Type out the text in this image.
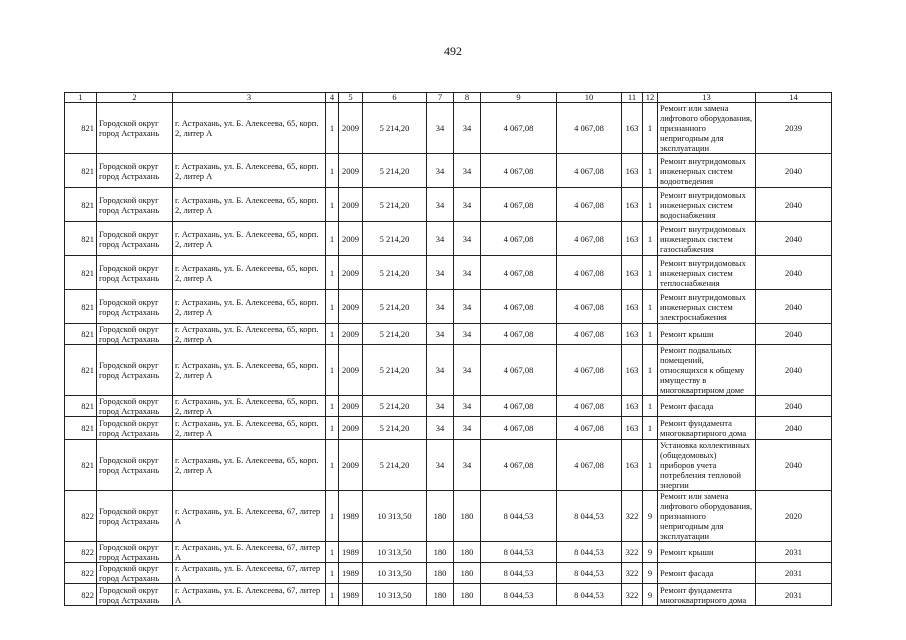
492
1	2	3	4	5	6	7	8	9	10	11	12	13	14
821	Городской округ город Астрахань	г. Астрахань, ул. Б. Алексеева, 65, корп. 2, литер А	1	2009	5 214,20	34	34	4 067,08	4 067,08	163	1	Ремонт или замена лифтового оборудования, признанного непригодным для эксплуатации	2039
821	Городской округ город Астрахань	г. Астрахань, ул. Б. Алексеева, 65, корп. 2, литер А	1	2009	5 214,20	34	34	4 067,08	4 067,08	163	1	Ремонт внутридомовых инженерных систем водоотведения	2040
821	Городской округ город Астрахань	г. Астрахань, ул. Б. Алексеева, 65, корп. 2, литер А	1	2009	5 214,20	34	34	4 067,08	4 067,08	163	1	Ремонт внутридомовых инженерных систем водоснабжения	2040
821	Городской округ город Астрахань	г. Астрахань, ул. Б. Алексеева, 65, корп. 2, литер А	1	2009	5 214,20	34	34	4 067,08	4 067,08	163	1	Ремонт внутридомовых инженерных систем газоснабжения	2040
821	Городской округ город Астрахань	г. Астрахань, ул. Б. Алексеева, 65, корп. 2, литер А	1	2009	5 214,20	34	34	4 067,08	4 067,08	163	1	Ремонт внутридомовых инженерных систем теплоснабжения	2040
821	Городской округ город Астрахань	г. Астрахань, ул. Б. Алексеева, 65, корп. 2, литер А	1	2009	5 214,20	34	34	4 067,08	4 067,08	163	1	Ремонт внутридомовых инженерных систем электроснабжения	2040
821	Городской округ город Астрахань	г. Астрахань, ул. Б. Алексеева, 65, корп. 2, литер А	1	2009	5 214,20	34	34	4 067,08	4 067,08	163	1	Ремонт крыши	2040
821	Городской округ город Астрахань	г. Астрахань, ул. Б. Алексеева, 65, корп. 2, литер А	1	2009	5 214,20	34	34	4 067,08	4 067,08	163	1	Ремонт подвальных помещений, относящихся к общему имуществу в многоквартирном доме	2040
821	Городской округ город Астрахань	г. Астрахань, ул. Б. Алексеева, 65, корп. 2, литер А	1	2009	5 214,20	34	34	4 067,08	4 067,08	163	1	Ремонт фасада	2040
821	Городской округ город Астрахань	г. Астрахань, ул. Б. Алексеева, 65, корп. 2, литер А	1	2009	5 214,20	34	34	4 067,08	4 067,08	163	1	Ремонт фундамента многоквартирного дома	2040
821	Городской округ город Астрахань	г. Астрахань, ул. Б. Алексеева, 65, корп. 2, литер А	1	2009	5 214,20	34	34	4 067,08	4 067,08	163	1	Установка коллективных (общедомовых) приборов учета потребления тепловой энергии	2040
822	Городской округ город Астрахань	г. Астрахань, ул. Б. Алексеева, 67, литер А	1	1989	10 313,50	180	180	8 044,53	8 044,53	322	9	Ремонт или замена лифтового оборудования, признанного непригодным для эксплуатации	2020
822	Городской округ город Астрахань	г. Астрахань, ул. Б. Алексеева, 67, литер А	1	1989	10 313,50	180	180	8 044,53	8 044,53	322	9	Ремонт крыши	2031
822	Городской округ город Астрахань	г. Астрахань, ул. Б. Алексеева, 67, литер А	1	1989	10 313,50	180	180	8 044,53	8 044,53	322	9	Ремонт фасада	2031
822	Городской округ город Астрахань	г. Астрахань, ул. Б. Алексеева, 67, литер А	1	1989	10 313,50	180	180	8 044,53	8 044,53	322	9	Ремонт фундамента многоквартирного дома	2031
